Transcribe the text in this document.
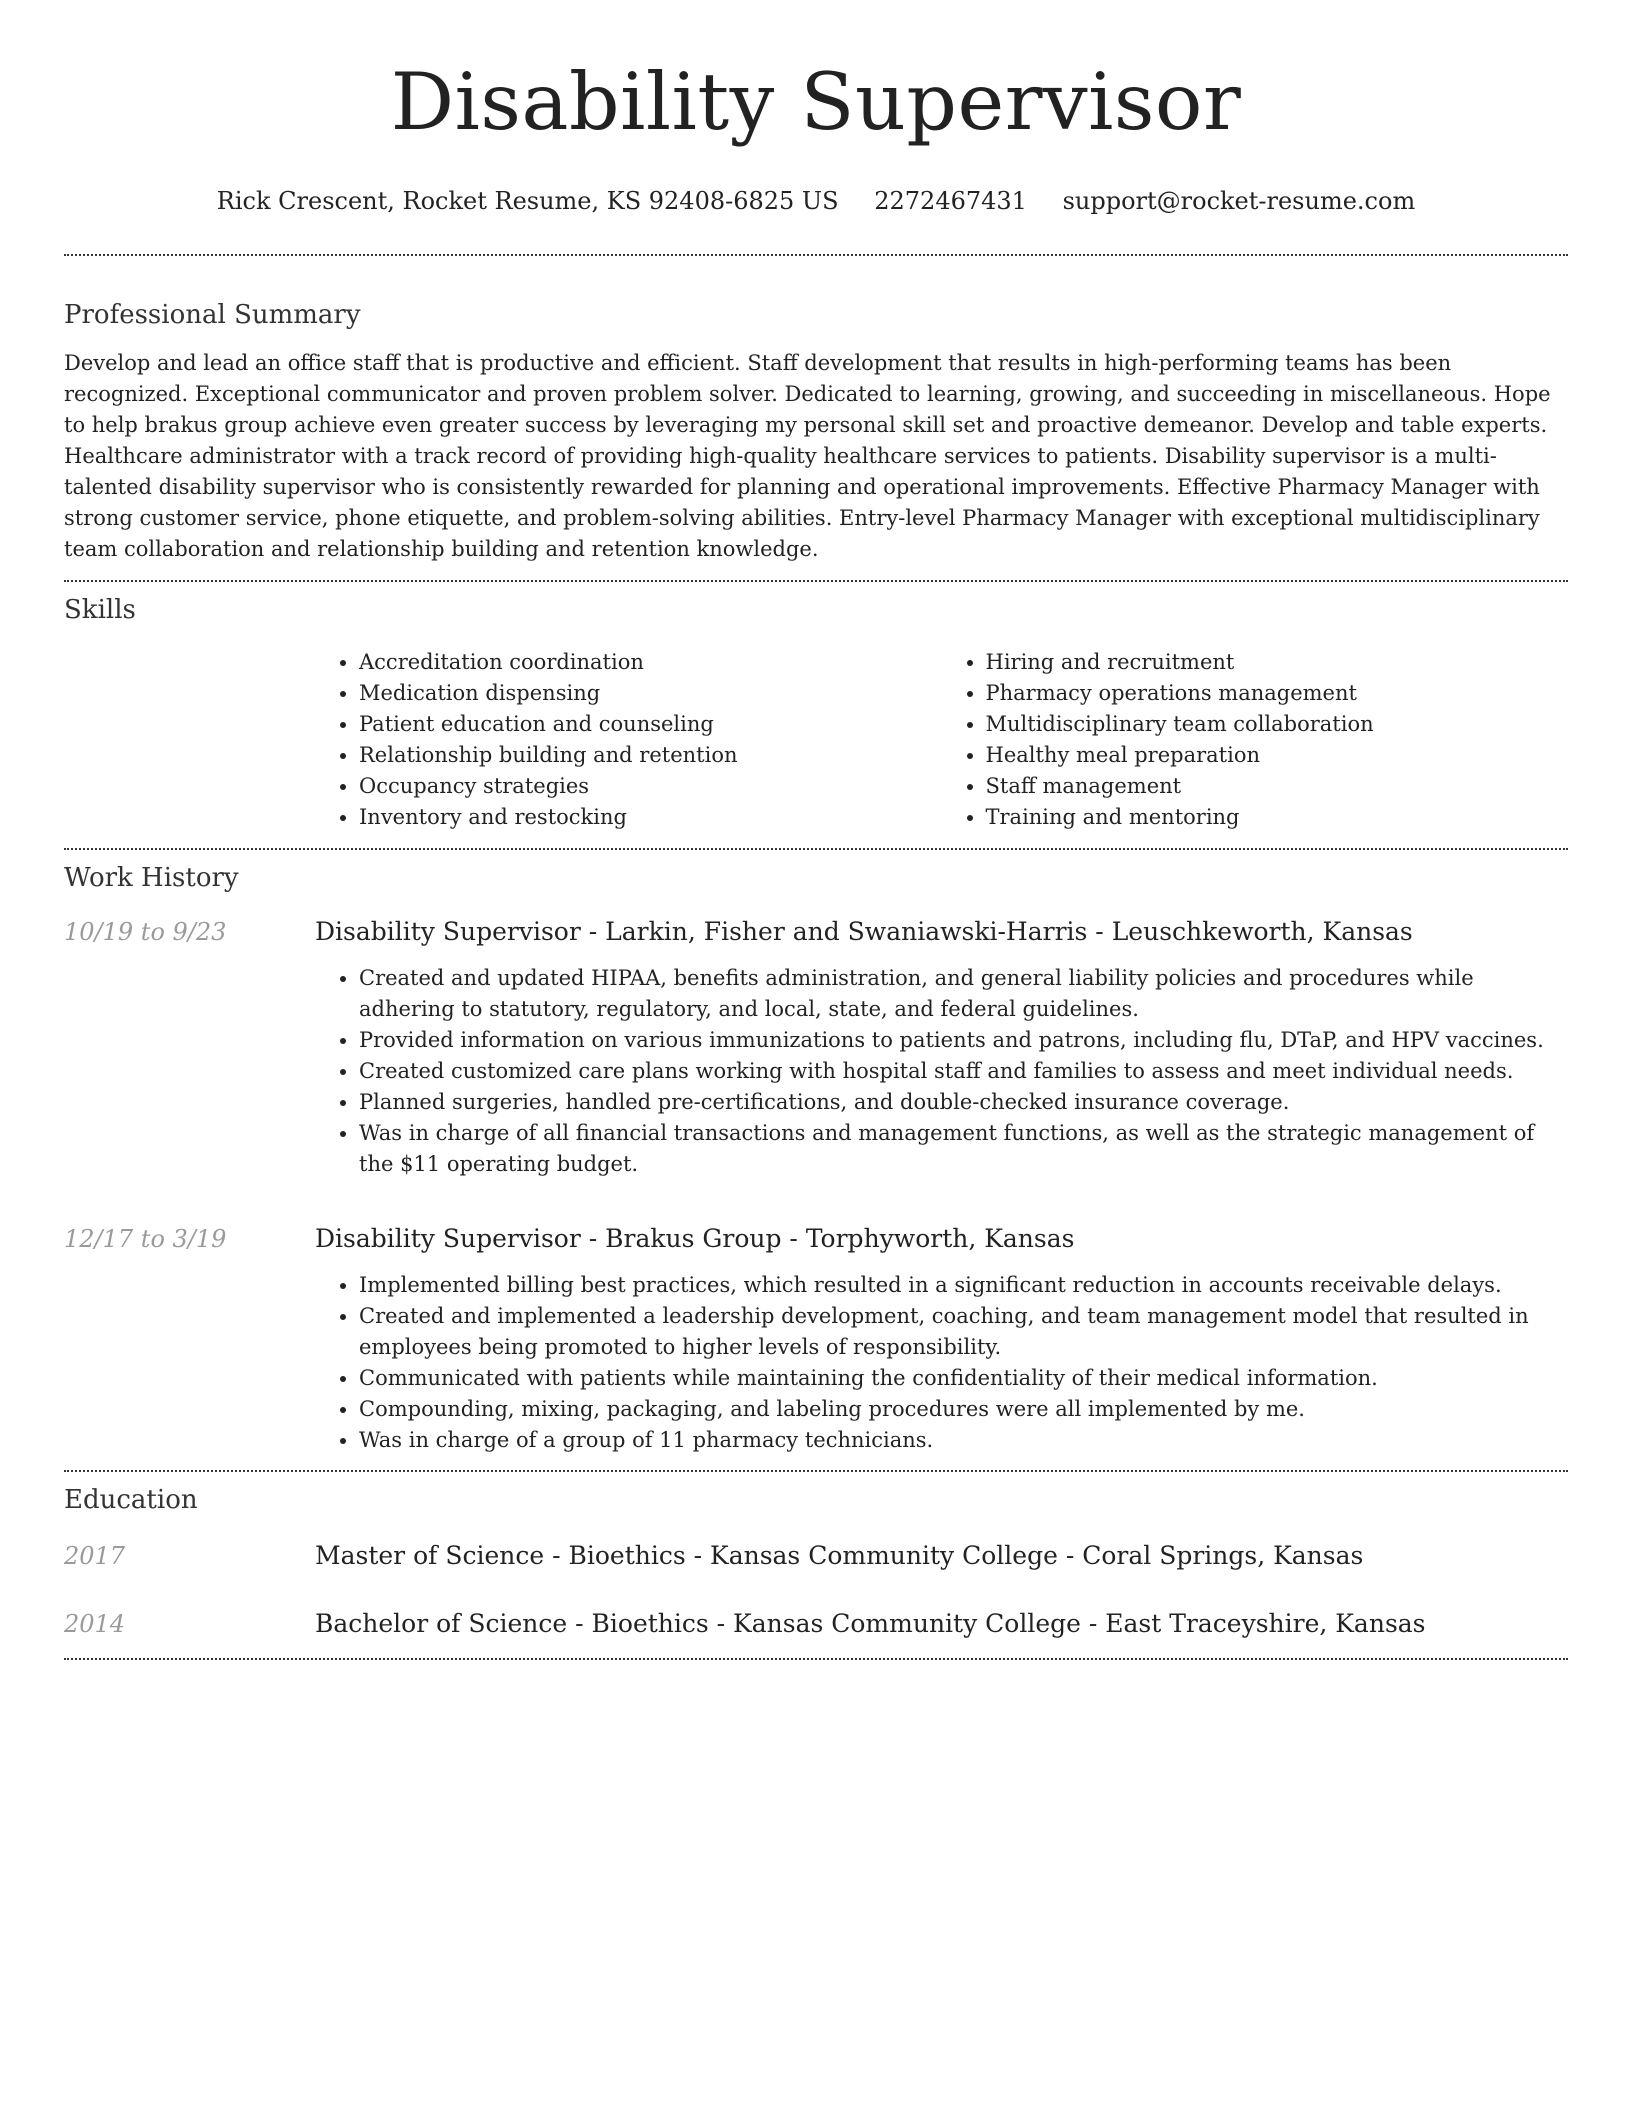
Disability Supervisor
Rick Crescent, Rocket Resume, KS 92408-6825 US 2272467431 support@rocket-resume.com
Professional Summary

Develop and lead an office staff that is productive and efficient. Staff development that results in high-performing teams has been recognized. Exceptional communicator and proven problem solver. Dedicated to learning, growing, and succeeding in miscellaneous. Hope to help brakus group achieve even greater success by leveraging my personal skill set and proactive demeanor. Develop and table experts. Healthcare administrator with a track record of providing high-quality healthcare services to patients. Disability supervisor is a multi-talented disability supervisor who is consistently rewarded for planning and operational improvements. Effective Pharmacy Manager with strong customer service, phone etiquette, and problem-solving abilities. Entry-level Pharmacy Manager with exceptional multidisciplinary team collaboration and relationship building and retention knowledge.

Skills
• Accreditation coordination
• Medication dispensing
• Patient education and counseling
• Relationship building and retention
• Occupancy strategies
• Inventory and restocking
• Hiring and recruitment
• Pharmacy operations management
• Multidisciplinary team collaboration
• Healthy meal preparation
• Staff management
• Training and mentoring
Work History
10/19 to 9/23	Disability Supervisor - Larkin, Fisher and Swaniawski-Harris - Leuschkeworth, Kansas
• Created and updated HIPAA, benefits administration, and general liability policies and procedures while adhering to statutory, regulatory, and local, state, and federal guidelines.
• Provided information on various immunizations to patients and patrons, including flu, DTaP, and HPV vaccines.
• Created customized care plans working with hospital staff and families to assess and meet individual needs.
• Planned surgeries, handled pre-certifications, and double-checked insurance coverage.
• Was in charge of all financial transactions and management functions, as well as the strategic management of the $11 operating budget.
12/17 to 3/19	Disability Supervisor - Brakus Group - Torphyworth, Kansas
• Implemented billing best practices, which resulted in a significant reduction in accounts receivable delays.
• Created and implemented a leadership development, coaching, and team management model that resulted in employees being promoted to higher levels of responsibility.
• Communicated with patients while maintaining the confidentiality of their medical information.
• Compounding, mixing, packaging, and labeling procedures were all implemented by me.
• Was in charge of a group of 11 pharmacy technicians.
Education
2017	Master of Science - Bioethics - Kansas Community College - Coral Springs, Kansas
2014	Bachelor of Science - Bioethics - Kansas Community College - East Traceyshire, Kansas
